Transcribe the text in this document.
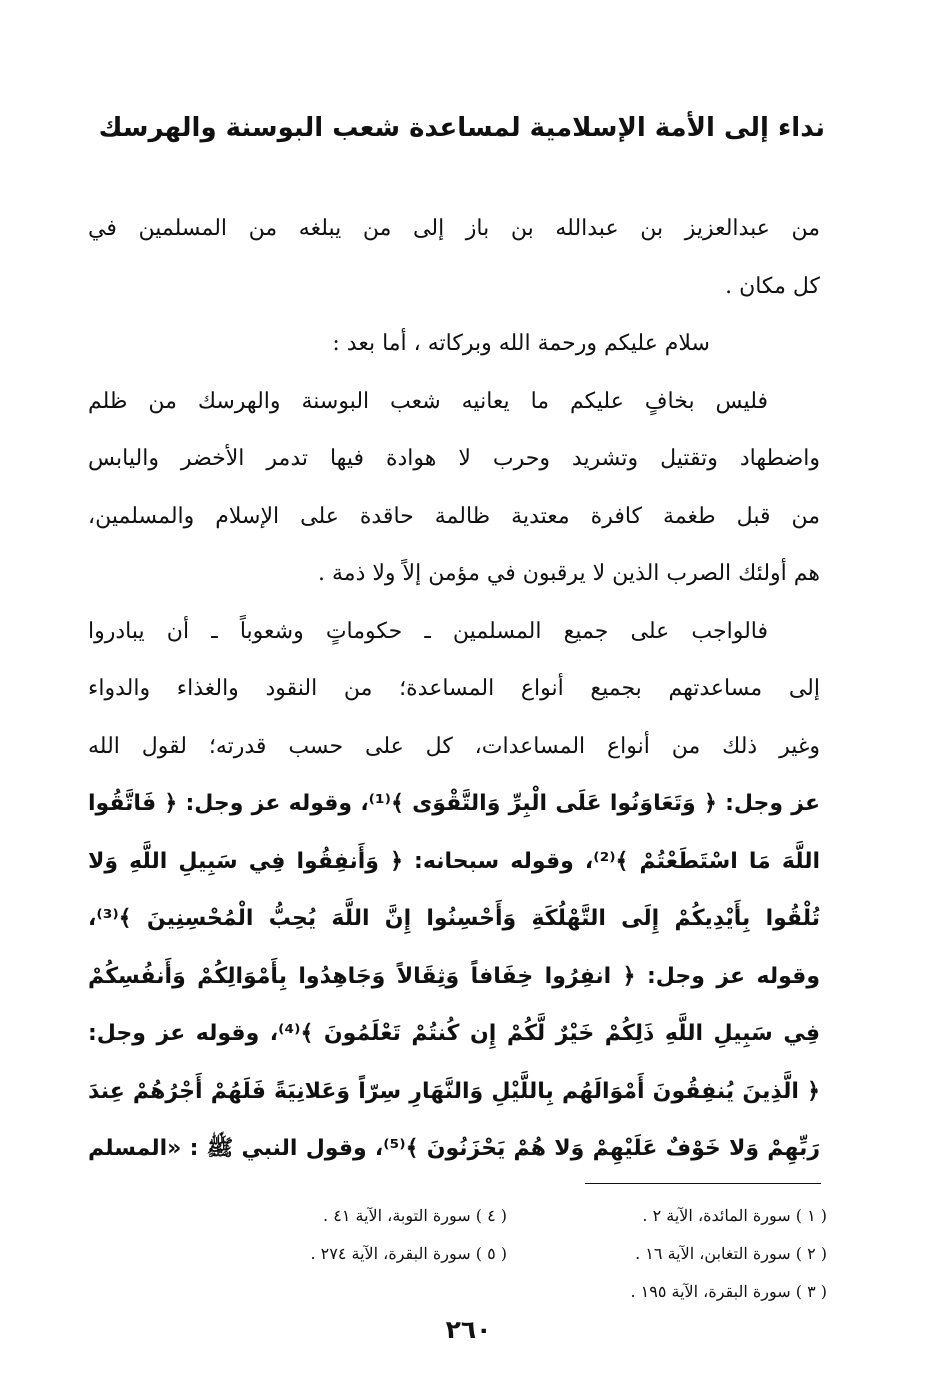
نداء إلى الأمة الإسلامية لمساعدة شعب البوسنة والهرسك
من عبدالعزيز بن عبدالله بن باز إلى من يبلغه من المسلمين في
كل مكان .
سلام عليكم ورحمة الله وبركاته ، أما بعد :
فليس بخافٍ عليكم ما يعانيه شعب البوسنة والهرسك من ظلم
واضطهاد وتقتيل وتشريد وحرب لا هوادة فيها تدمر الأخضر واليابس
من قبل طغمة كافرة معتدية ظالمة حاقدة على الإسلام والمسلمين،
هم أولئك الصرب الذين لا يرقبون في مؤمن إلاً ولا ذمة .
فالواجب على جميع المسلمين ـ حكوماتٍ وشعوباً ـ أن يبادروا
إلى مساعدتهم بجميع أنواع المساعدة؛ من النقود والغذاء والدواء
وغير ذلك من أنواع المساعدات، كل على حسب قدرته؛ لقول الله
عز وجل: ﴿ وَتَعَاوَنُوا عَلَى الْبِرِّ وَالتَّقْوَى ﴾⁽¹⁾، وقوله عز وجل: ﴿ فَاتَّقُوا
اللَّهَ مَا اسْتَطَعْتُمْ ﴾⁽²⁾، وقوله سبحانه: ﴿ وَأَنفِقُوا فِي سَبِيلِ اللَّهِ وَلا
تُلْقُوا بِأَيْدِيكُمْ إِلَى التَّهْلُكَةِ وَأَحْسِنُوا إِنَّ اللَّهَ يُحِبُّ الْمُحْسِنِينَ ﴾⁽³⁾،
وقوله عز وجل: ﴿ انفِرُوا خِفَافاً وَثِقَالاً وَجَاهِدُوا بِأَمْوَالِكُمْ وَأَنفُسِكُمْ
فِي سَبِيلِ اللَّهِ ذَلِكُمْ خَيْرٌ لَّكُمْ إِن كُنتُمْ تَعْلَمُونَ ﴾⁽⁴⁾، وقوله عز وجل:
﴿ الَّذِينَ يُنفِقُونَ أَمْوَالَهُم بِاللَّيْلِ وَالنَّهَارِ سِرّاً وَعَلانِيَةً فَلَهُمْ أَجْرُهُمْ عِندَ
رَبِّهِمْ وَلا خَوْفٌ عَلَيْهِمْ وَلا هُمْ يَحْزَنُونَ ﴾⁽⁵⁾، وقول النبي ﷺ : «المسلم
( ١ ) سورة المائدة، الآية ٢ .
( ٢ ) سورة التغابن، الآية ١٦ .
( ٣ ) سورة البقرة، الآية ١٩٥ .
( ٤ ) سورة التوبة، الآية ٤١ .
( ٥ ) سورة البقرة، الآية ٢٧٤ .
٢٦٠
